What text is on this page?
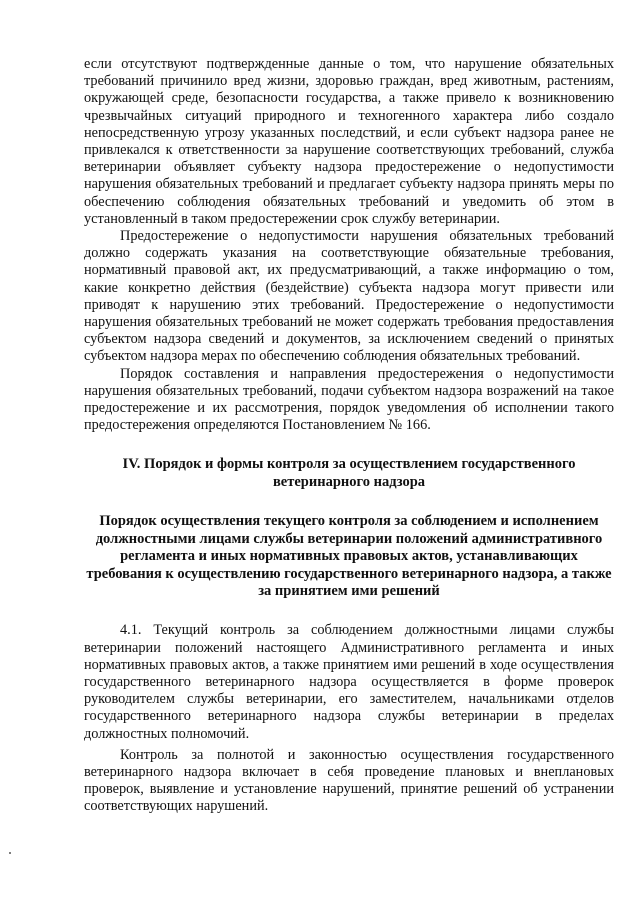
если отсутствуют подтвержденные данные о том, что нарушение обязательных требований причинило вред жизни, здоровью граждан, вред животным, растениям, окружающей среде, безопасности государства, а также привело к возникновению чрезвычайных ситуаций природного и техногенного характера либо создало непосредственную угрозу указанных последствий, и если субъект надзора ранее не привлекался к ответственности за нарушение соответствующих требований, служба ветеринарии объявляет субъекту надзора предостережение о недопустимости нарушения обязательных требований и предлагает субъекту надзора принять меры по обеспечению соблюдения обязательных требований и уведомить об этом в установленный в таком предостережении срок службу ветеринарии.

Предостережение о недопустимости нарушения обязательных требований должно содержать указания на соответствующие обязательные требования, нормативный правовой акт, их предусматривающий, а также информацию о том, какие конкретно действия (бездействие) субъекта надзора могут привести или приводят к нарушению этих требований. Предостережение о недопустимости нарушения обязательных требований не может содержать требования предоставления субъектом надзора сведений и документов, за исключением сведений о принятых субъектом надзора мерах по обеспечению соблюдения обязательных требований.

Порядок составления и направления предостережения о недопустимости нарушения обязательных требований, подачи субъектом надзора возражений на такое предостережение и их рассмотрения, порядок уведомления об исполнении такого предостережения определяются Постановлением № 166.

IV. Порядок и формы контроля за осуществлением государственного ветеринарного надзора
Порядок осуществления текущего контроля за соблюдением и исполнением должностными лицами службы ветеринарии положений административного регламента и иных нормативных правовых актов, устанавливающих требования к осуществлению государственного ветеринарного надзора, а также за принятием ими решений

4.1. Текущий контроль за соблюдением должностными лицами службы ветеринарии положений настоящего Административного регламента и иных нормативных правовых актов, а также принятием ими решений в ходе осуществления государственного ветеринарного надзора осуществляется в форме проверок руководителем службы ветеринарии, его заместителем, начальниками отделов государственного ветеринарного надзора службы ветеринарии в пределах должностных полномочий.

Контроль за полнотой и законностью осуществления государственного ветеринарного надзора включает в себя проведение плановых и внеплановых проверок, выявление и установление нарушений, принятие решений об устранении соответствующих нарушений.
